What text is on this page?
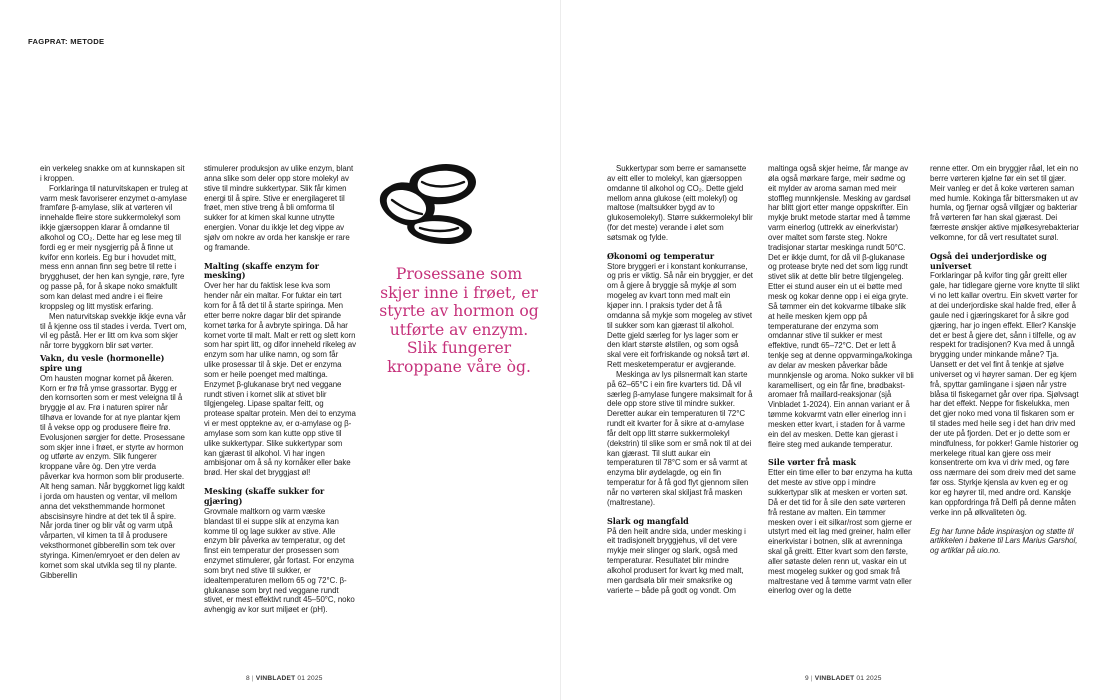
FAGPRAT: METODE

ein verkeleg snakke om at kunnskapen sit i kroppen.

Forklaringa til naturvitskapen er truleg at varm mesk favoriserer enzymet α-amylase framføre β-amylase, slik at vørteren vil innehalde fleire store sukkermolekyl som ikkje gjærsoppen klarar å omdanne til alkohol og CO₂. Dette har eg lese meg til fordi eg er meir nysgjerrig på å finne ut kvifor enn korleis. Eg bur i hovudet mitt, mess enn annan finn seg betre til rette i brygghuset, der hen kan syngje, røre, fyre og passe på, for å skape noko smakfullt som kan delast med andre i ei fleire kroppsleg og litt mystisk erfaring.

Men naturvitskap svekkje ikkje evna vår til å kjenne oss til stades i verda. Tvert om, vil eg påstå. Her er litt om kva som skjer når torre byggkorn blir søt vørter.

Vakn, du vesle (hormonelle) spire ung

Om hausten mognar kornet på åkeren. Korn er frø frå ymse grassortar. Bygg er den kornsorten som er mest veleigna til å bryggje øl av. Frø i naturen spirer når tilhøva er lovande for at nye plantar kjem til å vekse opp og produsere fleire frø. Evolusjonen sørgjer for dette. Prosessane som skjer inne i frøet, er styrte av hormon og utførte av enzym. Slik fungerer kroppane våre òg. Den ytre verda påverkar kva hormon som blir produserte. Alt heng saman. Når byggkornet ligg kaldt i jorda om hausten og ventar, vil mellom anna det veksthemmande hormonet abscisinsyre hindre at det tek til å spire. Når jorda tiner og blir våt og varm utpå vårparten, vil kimen ta til å produsere veksthormonet gibberellin som tek over styringa. Kimen/emryoet er den delen av kornet som skal utvikla seg til ny plante. Gibberellin

stimulerer produksjon av ulike enzym, blant anna slike som deler opp store molekyl av stive til mindre sukkertypar. Slik får kimen energi til å spire. Stive er energilageret til frøet, men stive treng å bli omforma til sukker for at kimen skal kunne utnytte energien. Vonar du ikkje let deg vippe av sjølv om nokre av orda her kanskje er rare og framande.

Malting (skaffe enzym for mesking)

Over her har du faktisk lese kva som hender når ein maltar. For fuktar ein tørt korn for å få det til å starte spiringa. Men etter berre nokre dagar blir det spirande kornet tørka for å avbryte spiringa. Då har kornet vorte til malt. Malt er rett og slett korn som har spirt litt, og difor inneheld rikeleg av enzym som har ulike namn, og som får ulike prosessar til å skje. Det er enzyma som er heile poenget med maltinga. Enzymet β-glukanase bryt ned veggane rundt stiven i kornet slik at stivet blir tilgjengeleg. Lipase spaltar feitt, og protease spaltar protein. Men dei to enzyma vi er mest opptekne av, er α-amylase og β-amylase som som kan kutte opp stive til ulike sukkertypar. Slike sukkertypar som kan gjærast til alkohol. Vi har ingen ambisjonar om å så ny kornåker eller bake brød. Her skal det bryggjast øl!

Mesking (skaffe sukker for gjæring)

Grovmale maltkorn og varm væske blandast til ei suppe slik at enzyma kan komme til og lage sukker av stive. Alle enzym blir påverka av temperatur, og det finst ein temperatur der prosessen som enzymet stimulerer, går fortast. For enzyma som bryt ned stive til sukker, er idealtemperaturen mellom 65 og 72°C. β-glukanase som bryt ned veggane rundt stivet, er mest effektivt rundt 45–50°C, noko avhengig av kor surt miljøet er (pH).

Prosessane som
skjer inne i frøet, er
styrte av hormon og
utførte av enzym.
Slik fungerer
kroppane våre òg.

Sukkertypar som berre er samansette av eitt eller to molekyl, kan gjærsoppen omdanne til alkohol og CO₂. Dette gjeld mellom anna glukose (eitt molekyl) og maltose (maltsukker bygd av to glukosemolekyl). Større sukkermolekyl blir (for det meste) verande i ølet som søtsmak og fylde.

Økonomi og temperatur

Store bryggeri er i konstant konkurranse, og pris er viktig. Så når ein bryggjer, er det om å gjere å bryggje så mykje øl som mogeleg av kvart tonn med malt ein kjøper inn. I praksis tyder det å få omdanna så mykje som mogeleg av stivet til sukker som kan gjærast til alkohol. Dette gjeld særleg for lys lager som er den klart største ølstilen, og som også skal vere eit forfriskande og nokså tørt øl. Rett mesketemperatur er avgjerande.

Meskinga av lys pilsnermalt kan starte på 62–65°C i ein fire kvarters tid. Då vil særleg β-amylase fungere maksimalt for å dele opp store stive til mindre sukker. Deretter aukar ein temperaturen til 72°C rundt eit kvarter for å sikre at α-amylase får delt opp litt større sukkermolekyl (dekstrin) til slike som er små nok til at dei kan gjærast. Til slutt aukar ein temperaturen til 78°C som er så varmt at enzyma blir øydelagde, og ein fin temperatur for å få god flyt gjennom silen når no vørteren skal skiljast frå masken (maltrestane).

Slark og mangfald

På den heilt andre sida, under mesking i eit tradisjonelt bryggjehus, vil det vere mykje meir slinger og slark, også med temperaturar. Resultatet blir mindre alkohol produsert for kvart kg med malt, men gardsøla blir meir smaksrike og varierte – både på godt og vondt. Om

maltinga også skjer heime, får mange av øla også mørkare farge, meir sødme og eit mylder av aroma saman med meir stoffleg munnkjensle. Mesking av gardsøl har blitt gjort etter mange oppskrifter. Ein mykje brukt metode startar med å tømme varm einerlog (uttrekk av einerkvistar) over maltet som første steg. Nokre tradisjonar startar meskinga rundt 50°C. Det er ikkje dumt, for då vil β-glukanase og protease bryte ned det som ligg rundt stivet slik at dette blir betre tilgjengeleg. Etter ei stund auser ein ut ei bøtte med mesk og kokar denne opp i ei eiga gryte. Så tømmer ein det kokvarme tilbake slik at heile mesken kjem opp på temperaturane der enzyma som omdannar stive til sukker er mest effektive, rundt 65–72°C. Det er lett å tenkje seg at denne oppvarminga/kokinga av delar av mesken påverkar både munnkjensle og aroma. Noko sukker vil bli karamellisert, og ein får fine, brødbakst-aromaer frå maillard-reaksjonar (sjå Vinbladet 1-2024). Ein annan variant er å tømme kokvarmt vatn eller einerlog inn i mesken etter kvart, i staden for å varme ein del av mesken. Dette kan gjerast i fleire steg med aukande temperatur.

Sile vørter frå mask

Etter ein time eller to bør enzyma ha kutta det meste av stive opp i mindre sukkertypar slik at mesken er vorten søt. Då er det tid for å sile den søte vørteren frå restane av malten. Ein tømmer mesken over i eit silkar/rost som gjerne er utstyrt med eit lag med greiner, halm eller einerkvistar i botnen, slik at avrenninga skal gå greitt. Etter kvart som den første, aller søtaste delen renn ut, vaskar ein ut mest mogeleg sukker og god smak frå maltrestane ved å tømme varmt vatn eller einerlog over og la dette

renne etter. Om ein bryggjer råøl, let ein no berre vørteren kjølne før ein set til gjær. Meir vanleg er det å koke vørteren saman med humle. Kokinga får bittersmaken ut av humla, og fjernar også villgjær og bakteriar frå vørteren før han skal gjærast. Dei færreste ønskjer aktive mjølkesyrebakteriar velkomne, for då vert resultatet surøl.

Også dei underjordiske og universet

Forklaringar på kvifor ting går greitt eller gale, har tidlegare gjerne vore knytte til slikt vi no lett kallar overtru. Ein skvett vørter for at dei underjordiske skal halde fred, eller å gaule ned i gjæringskaret for å sikre god gjæring, har jo ingen effekt. Eller? Kanskje det er best å gjere det, sånn i tilfelle, og av respekt for tradisjonen? Kva med å unngå brygging under minkande måne? Tja. Uansett er det vel fint å tenkje at sjølve universet og vi høyrer saman. Der eg kjem frå, spyttar gamlingane i sjøen når ystre blåsa til fiskegarnet går over ripa. Sjølvsagt har det effekt. Neppe for fiskelukka, men det gjer noko med vona til fiskaren som er til stades med heile seg i det han driv med der ute på fjorden. Det er jo dette som er mindfulness, for pokker! Gamle historier og merkelege ritual kan gjere oss meir konsentrerte om kva vi driv med, og føre oss nærmare dei som dreiv med det same før oss. Styrkje kjensla av kven eg er og kor eg høyrer til, med andre ord. Kanskje kan oppfordringa frå Delfi på denne måten verke inn på ølkvaliteten òg.

Eg har funne både inspirasjon og støtte til artikkelen i bøkene til Lars Marius Garshol, og artiklar på uio.no.

8 | VINBLADET 01 2025	9 | VINBLADET 01 2025
